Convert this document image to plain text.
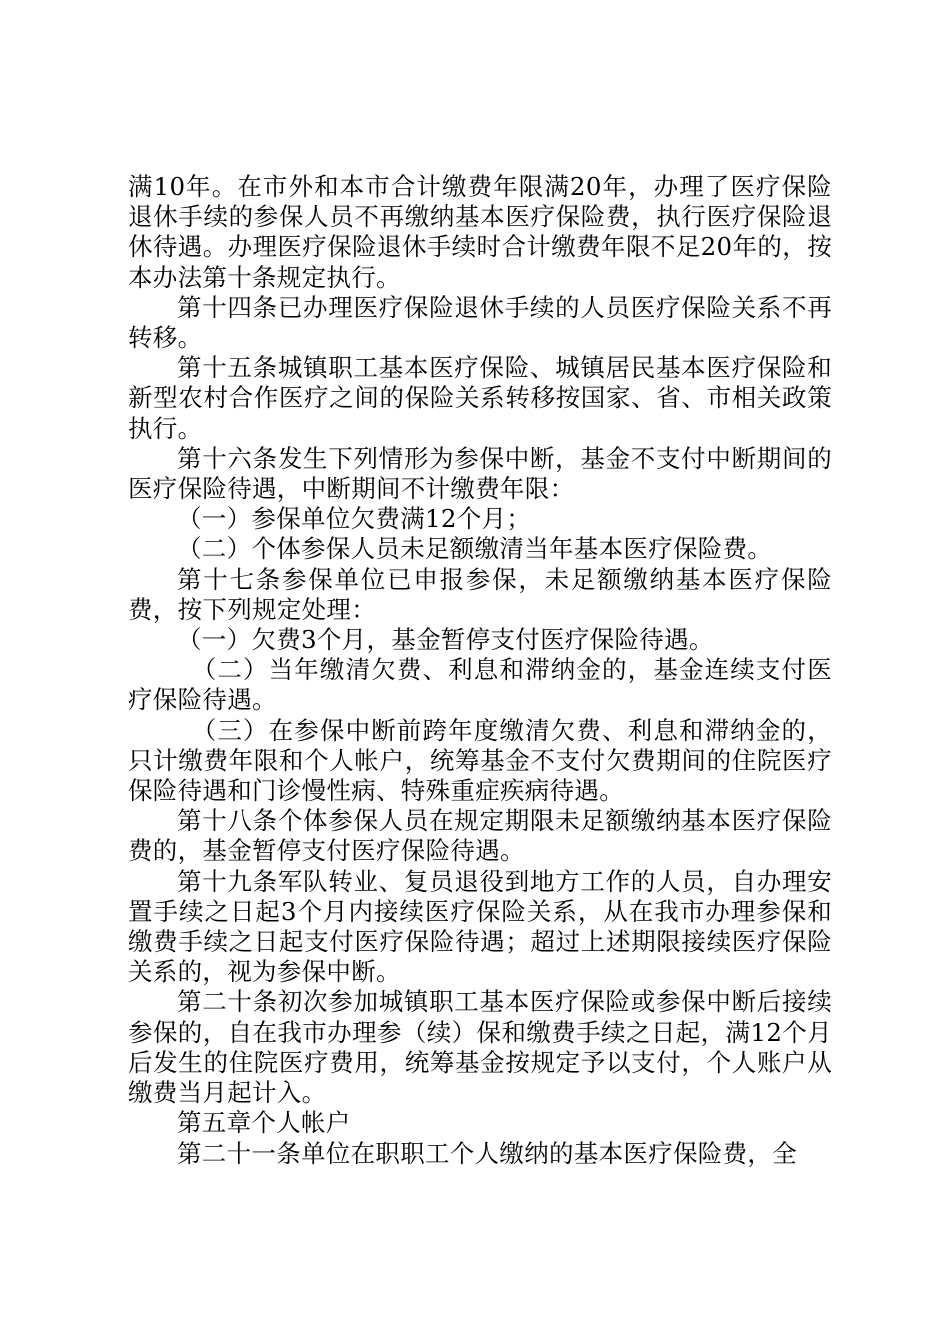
满10年。在市外和本市合计缴费年限满20年，办理了医疗保险退休手续的参保人员不再缴纳基本医疗保险费，执行医疗保险退休待遇。办理医疗保险退休手续时合计缴费年限不足20年的，按本办法第十条规定执行。

第十四条已办理医疗保险退休手续的人员医疗保险关系不再转移。

第十五条城镇职工基本医疗保险、城镇居民基本医疗保险和新型农村合作医疗之间的保险关系转移按国家、省、市相关政策执行。

第十六条发生下列情形为参保中断，基金不支付中断期间的医疗保险待遇，中断期间不计缴费年限：

（一）参保单位欠费满12个月；

（二）个体参保人员未足额缴清当年基本医疗保险费。

第十七条参保单位已申报参保，未足额缴纳基本医疗保险费，按下列规定处理：

（一）欠费3个月，基金暂停支付医疗保险待遇。

（二）当年缴清欠费、利息和滞纳金的，基金连续支付医疗保险待遇。

（三）在参保中断前跨年度缴清欠费、利息和滞纳金的，只计缴费年限和个人帐户，统筹基金不支付欠费期间的住院医疗保险待遇和门诊慢性病、特殊重症疾病待遇。

第十八条个体参保人员在规定期限未足额缴纳基本医疗保险费的，基金暂停支付医疗保险待遇。

第十九条军队转业、复员退役到地方工作的人员，自办理安置手续之日起3个月内接续医疗保险关系，从在我市办理参保和缴费手续之日起支付医疗保险待遇；超过上述期限接续医疗保险关系的，视为参保中断。

第二十条初次参加城镇职工基本医疗保险或参保中断后接续参保的，自在我市办理参（续）保和缴费手续之日起，满12个月后发生的住院医疗费用，统筹基金按规定予以支付，个人账户从缴费当月起计入。

第五章个人帐户

第二十一条单位在职职工个人缴纳的基本医疗保险费，全
